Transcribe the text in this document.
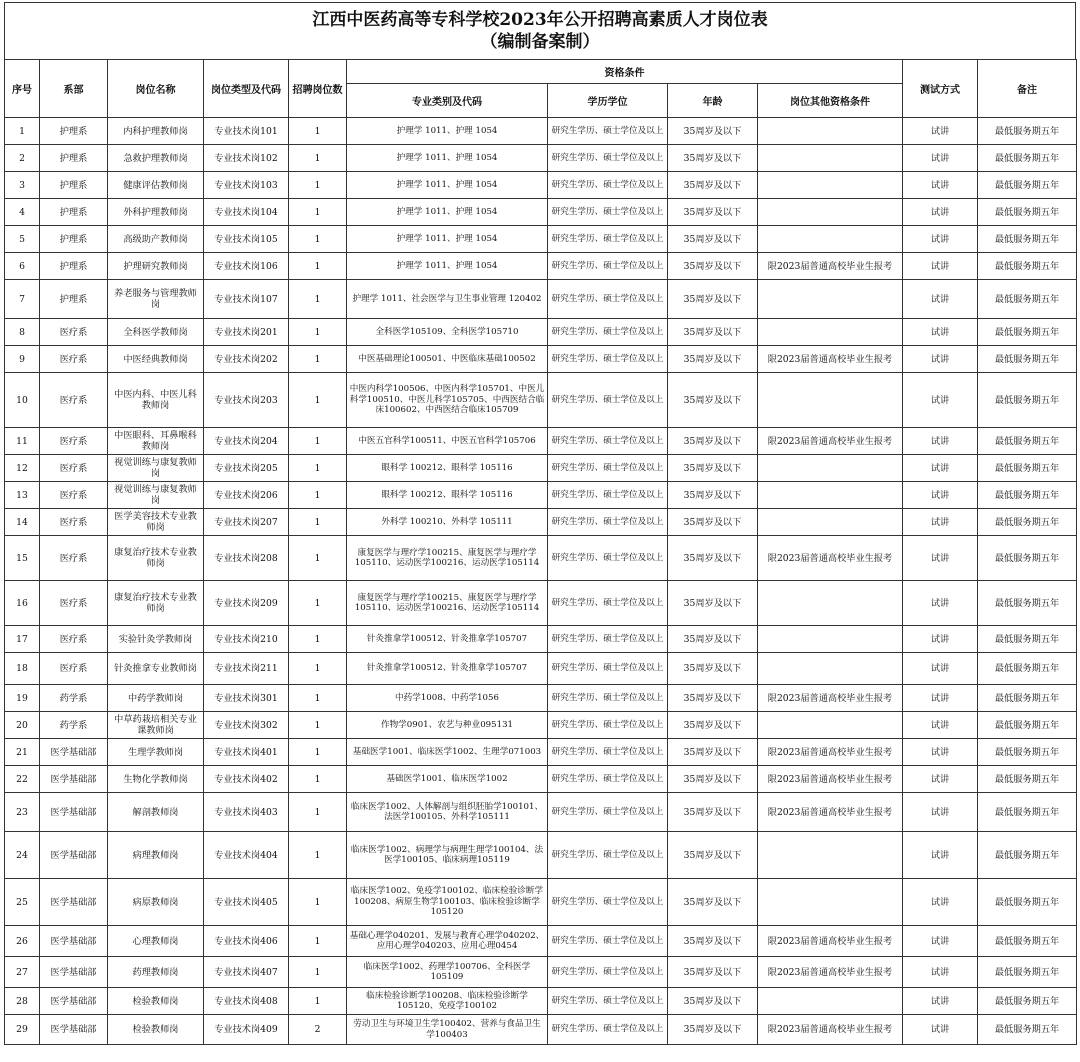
江西中医药高等专科学校2023年公开招聘高素质人才岗位表
（编制备案制）
序号	系部	岗位名称	岗位类型及代码	招聘岗位数	资格条件				测试方式	备注
					专业类别及代码	学历学位	年龄	岗位其他资格条件		
1	护理系	内科护理教师岗	专业技术岗101	1	护理学 1011、护理 1054	研究生学历、硕士学位及以上	35周岁及以下		试讲	最低服务期五年
2	护理系	急救护理教师岗	专业技术岗102	1	护理学 1011、护理 1054	研究生学历、硕士学位及以上	35周岁及以下		试讲	最低服务期五年
3	护理系	健康评估教师岗	专业技术岗103	1	护理学 1011、护理 1054	研究生学历、硕士学位及以上	35周岁及以下		试讲	最低服务期五年
4	护理系	外科护理教师岗	专业技术岗104	1	护理学 1011、护理 1054	研究生学历、硕士学位及以上	35周岁及以下		试讲	最低服务期五年
5	护理系	高级助产教师岗	专业技术岗105	1	护理学 1011、护理 1054	研究生学历、硕士学位及以上	35周岁及以下		试讲	最低服务期五年
6	护理系	护理研究教师岗	专业技术岗106	1	护理学 1011、护理 1054	研究生学历、硕士学位及以上	35周岁及以下	限2023届普通高校毕业生报考	试讲	最低服务期五年
7	护理系	养老服务与管理教师岗	专业技术岗107	1	护理学 1011、社会医学与卫生事业管理 120402	研究生学历、硕士学位及以上	35周岁及以下		试讲	最低服务期五年
8	医疗系	全科医学教师岗	专业技术岗201	1	全科医学105109、全科医学105710	研究生学历、硕士学位及以上	35周岁及以下		试讲	最低服务期五年
9	医疗系	中医经典教师岗	专业技术岗202	1	中医基础理论100501、中医临床基础100502	研究生学历、硕士学位及以上	35周岁及以下	限2023届普通高校毕业生报考	试讲	最低服务期五年
10	医疗系	中医内科、中医儿科教师岗	专业技术岗203	1	中医内科学100506、中医内科学105701、中医儿科学100510、中医儿科学105705、中西医结合临床100602、中西医结合临床105709	研究生学历、硕士学位及以上	35周岁及以下		试讲	最低服务期五年
11	医疗系	中医眼科、耳鼻喉科教师岗	专业技术岗204	1	中医五官科学100511、中医五官科学105706	研究生学历、硕士学位及以上	35周岁及以下	限2023届普通高校毕业生报考	试讲	最低服务期五年
12	医疗系	视觉训练与康复教师岗	专业技术岗205	1	眼科学 100212、眼科学 105116	研究生学历、硕士学位及以上	35周岁及以下		试讲	最低服务期五年
13	医疗系	视觉训练与康复教师岗	专业技术岗206	1	眼科学 100212、眼科学 105116	研究生学历、硕士学位及以上	35周岁及以下		试讲	最低服务期五年
14	医疗系	医学美容技术专业教师岗	专业技术岗207	1	外科学 100210、外科学 105111	研究生学历、硕士学位及以上	35周岁及以下		试讲	最低服务期五年
15	医疗系	康复治疗技术专业教师岗	专业技术岗208	1	康复医学与理疗学100215、康复医学与理疗学105110、运动医学100216、运动医学105114	研究生学历、硕士学位及以上	35周岁及以下	限2023届普通高校毕业生报考	试讲	最低服务期五年
16	医疗系	康复治疗技术专业教师岗	专业技术岗209	1	康复医学与理疗学100215、康复医学与理疗学105110、运动医学100216、运动医学105114	研究生学历、硕士学位及以上	35周岁及以下		试讲	最低服务期五年
17	医疗系	实验针灸学教师岗	专业技术岗210	1	针灸推拿学100512、针灸推拿学105707	研究生学历、硕士学位及以上	35周岁及以下		试讲	最低服务期五年
18	医疗系	针灸推拿专业教师岗	专业技术岗211	1	针灸推拿学100512、针灸推拿学105707	研究生学历、硕士学位及以上	35周岁及以下		试讲	最低服务期五年
19	药学系	中药学教师岗	专业技术岗301	1	中药学1008、中药学1056	研究生学历、硕士学位及以上	35周岁及以下	限2023届普通高校毕业生报考	试讲	最低服务期五年
20	药学系	中草药栽培相关专业课教师岗	专业技术岗302	1	作物学0901、农艺与种业095131	研究生学历、硕士学位及以上	35周岁及以下		试讲	最低服务期五年
21	医学基础部	生理学教师岗	专业技术岗401	1	基础医学1001、临床医学1002、生理学071003	研究生学历、硕士学位及以上	35周岁及以下	限2023届普通高校毕业生报考	试讲	最低服务期五年
22	医学基础部	生物化学教师岗	专业技术岗402	1	基础医学1001、临床医学1002	研究生学历、硕士学位及以上	35周岁及以下	限2023届普通高校毕业生报考	试讲	最低服务期五年
23	医学基础部	解剖教师岗	专业技术岗403	1	临床医学1002、人体解剖与组织胚胎学100101、法医学100105、外科学105111	研究生学历、硕士学位及以上	35周岁及以下	限2023届普通高校毕业生报考	试讲	最低服务期五年
24	医学基础部	病理教师岗	专业技术岗404	1	临床医学1002、病理学与病理生理学100104、法医学100105、临床病理105119	研究生学历、硕士学位及以上	35周岁及以下		试讲	最低服务期五年
25	医学基础部	病原教师岗	专业技术岗405	1	临床医学1002、免疫学100102、临床检验诊断学100208、病原生物学100103、临床检验诊断学 105120	研究生学历、硕士学位及以上	35周岁及以下		试讲	最低服务期五年
26	医学基础部	心理教师岗	专业技术岗406	1	基础心理学040201、发展与教育心理学040202、应用心理学040203、应用心理0454	研究生学历、硕士学位及以上	35周岁及以下	限2023届普通高校毕业生报考	试讲	最低服务期五年
27	医学基础部	药理教师岗	专业技术岗407	1	临床医学1002、药理学100706、全科医学105109	研究生学历、硕士学位及以上	35周岁及以下	限2023届普通高校毕业生报考	试讲	最低服务期五年
28	医学基础部	检验教师岗	专业技术岗408	1	临床检验诊断学100208、临床检验诊断学105120、免疫学100102	研究生学历、硕士学位及以上	35周岁及以下		试讲	最低服务期五年
29	医学基础部	检验教师岗	专业技术岗409	2	劳动卫生与环境卫生学100402、营养与食品卫生学100403	研究生学历、硕士学位及以上	35周岁及以下	限2023届普通高校毕业生报考	试讲	最低服务期五年
